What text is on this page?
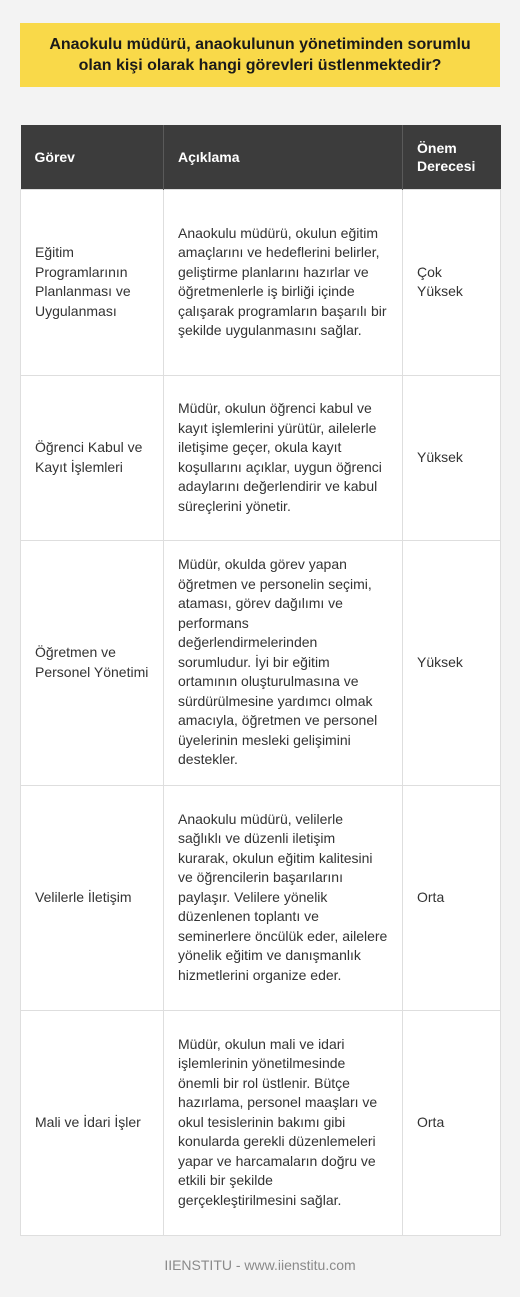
Anaokulu müdürü, anaokulunun yönetiminden sorumlu olan kişi olarak hangi görevleri üstlenmektedir?
Görev	Açıklama	Önem Derecesi
Eğitim Programlarının Planlanması ve Uygulanması	Anaokulu müdürü, okulun eğitim amaçlarını ve hedeflerini belirler, geliştirme planlarını hazırlar ve öğretmenlerle iş birliği içinde çalışarak programların başarılı bir şekilde uygulanmasını sağlar.	Çok Yüksek
Öğrenci Kabul ve Kayıt İşlemleri	Müdür, okulun öğrenci kabul ve kayıt işlemlerini yürütür, ailelerle iletişime geçer, okula kayıt koşullarını açıklar, uygun öğrenci adaylarını değerlendirir ve kabul süreçlerini yönetir.	Yüksek
Öğretmen ve Personel Yönetimi	Müdür, okulda görev yapan öğretmen ve personelin seçimi, ataması, görev dağılımı ve performans değerlendirmelerinden sorumludur. İyi bir eğitim ortamının oluşturulmasına ve sürdürülmesine yardımcı olmak amacıyla, öğretmen ve personel üyelerinin mesleki gelişimini destekler.	Yüksek
Velilerle İletişim	Anaokulu müdürü, velilerle sağlıklı ve düzenli iletişim kurarak, okulun eğitim kalitesini ve öğrencilerin başarılarını paylaşır. Velilere yönelik düzenlenen toplantı ve seminerlere öncülük eder, ailelere yönelik eğitim ve danışmanlık hizmetlerini organize eder.	Orta
Mali ve İdari İşler	Müdür, okulun mali ve idari işlemlerinin yönetilmesinde önemli bir rol üstlenir. Bütçe hazırlama, personel maaşları ve okul tesislerinin bakımı gibi konularda gerekli düzenlemeleri yapar ve harcamaların doğru ve etkili bir şekilde gerçekleştirilmesini sağlar.	Orta
IIENSTITU - www.iienstitu.com
